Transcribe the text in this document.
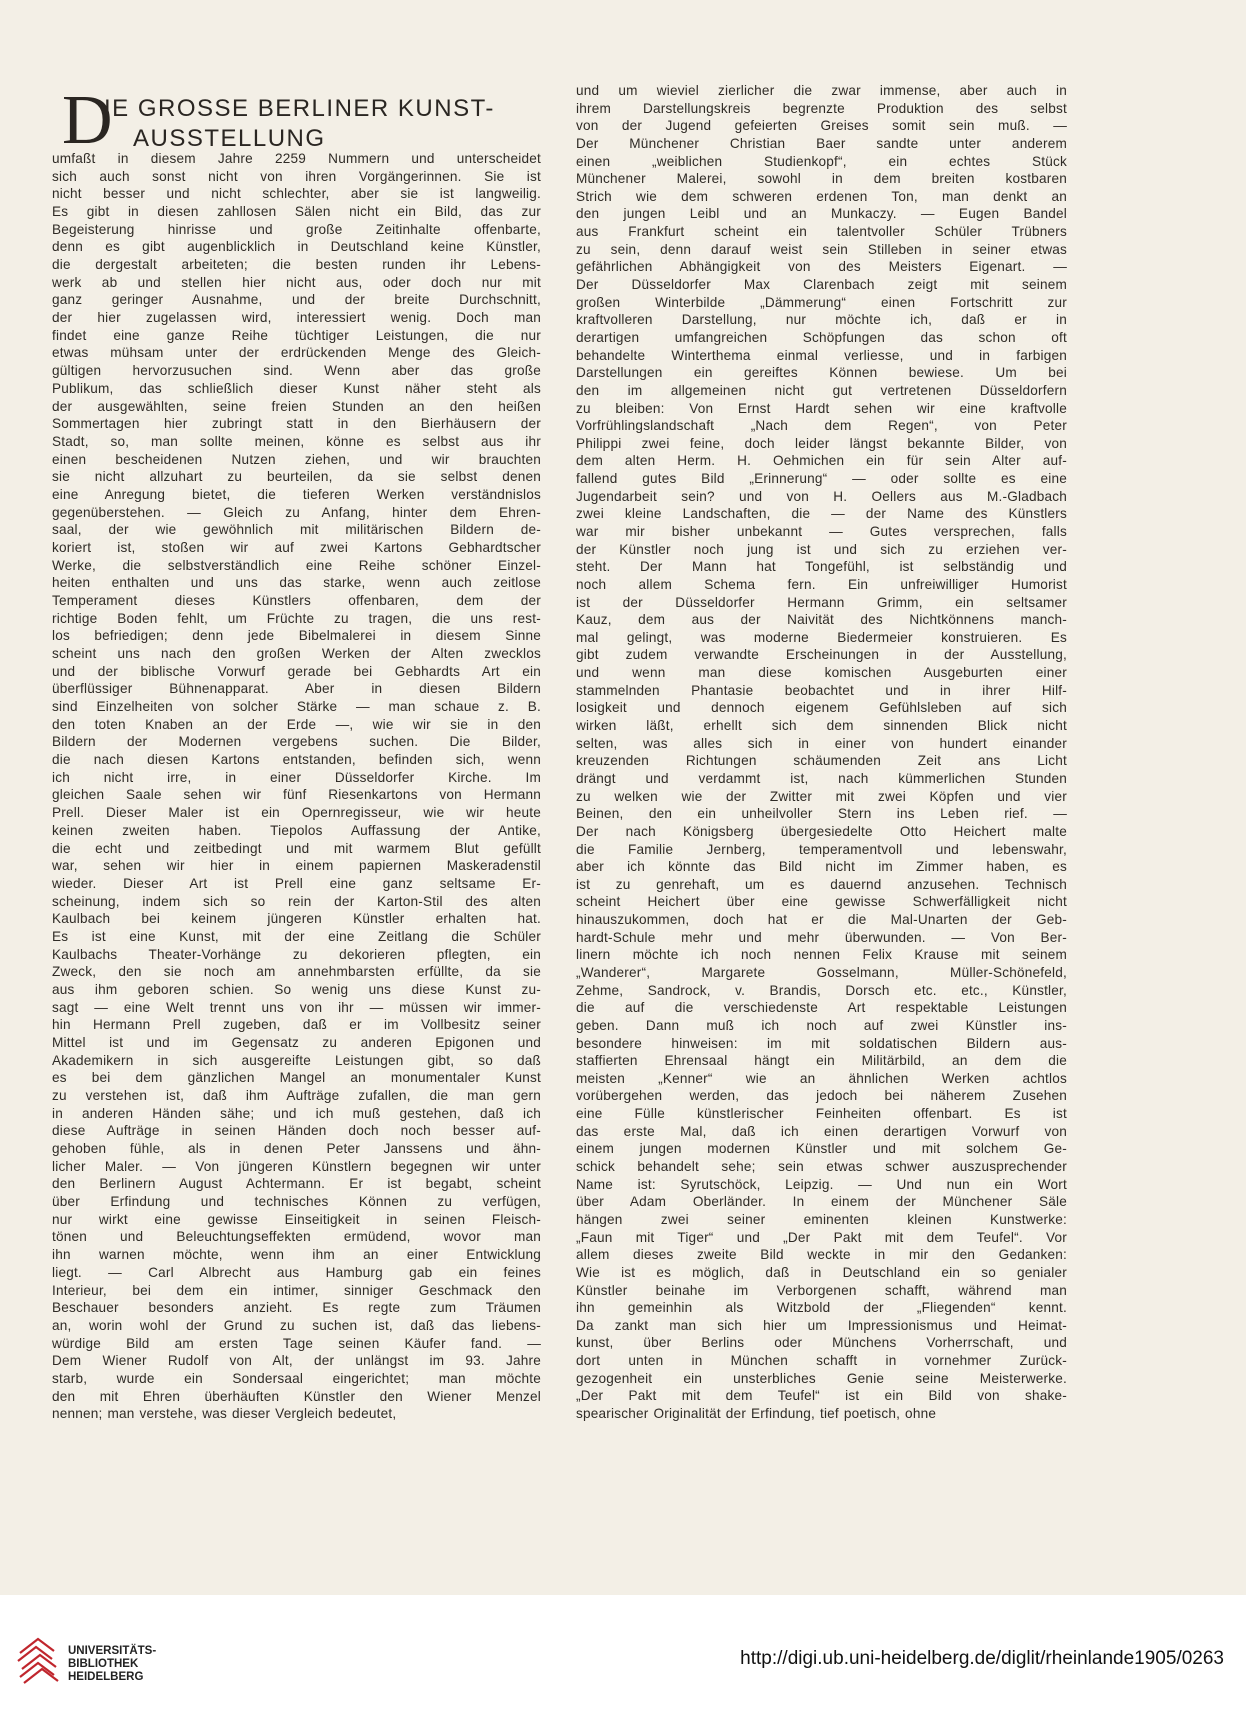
D
IE GROSSE BERLINER KUNST-
AUSSTELLUNG
umfaßt in diesem Jahre 2259 Nummern und unterscheidet
sich auch sonst nicht von ihren Vorgängerinnen. Sie ist
nicht besser und nicht schlechter, aber sie ist langweilig.
Es gibt in diesen zahllosen Sälen nicht ein Bild, das zur
Begeisterung hinrisse und große Zeitinhalte offenbarte,
denn es gibt augenblicklich in Deutschland keine Künstler,
die dergestalt arbeiteten; die besten runden ihr Lebens-
werk ab und stellen hier nicht aus, oder doch nur mit
ganz geringer Ausnahme, und der breite Durchschnitt,
der hier zugelassen wird, interessiert wenig. Doch man
findet eine ganze Reihe tüchtiger Leistungen, die nur
etwas mühsam unter der erdrückenden Menge des Gleich-
gültigen hervorzusuchen sind. Wenn aber das große
Publikum, das schließlich dieser Kunst näher steht als
der ausgewählten, seine freien Stunden an den heißen
Sommertagen hier zubringt statt in den Bierhäusern der
Stadt, so, man sollte meinen, könne es selbst aus ihr
einen bescheidenen Nutzen ziehen, und wir brauchten
sie nicht allzuhart zu beurteilen, da sie selbst denen
eine Anregung bietet, die tieferen Werken verständnislos
gegenüberstehen. — Gleich zu Anfang, hinter dem Ehren-
saal, der wie gewöhnlich mit militärischen Bildern de-
koriert ist, stoßen wir auf zwei Kartons Gebhardtscher
Werke, die selbstverständlich eine Reihe schöner Einzel-
heiten enthalten und uns das starke, wenn auch zeitlose
Temperament dieses Künstlers offenbaren, dem der
richtige Boden fehlt, um Früchte zu tragen, die uns rest-
los befriedigen; denn jede Bibelmalerei in diesem Sinne
scheint uns nach den großen Werken der Alten zwecklos
und der biblische Vorwurf gerade bei Gebhardts Art ein
überflüssiger Bühnenapparat. Aber in diesen Bildern
sind Einzelheiten von solcher Stärke — man schaue z. B.
den toten Knaben an der Erde —, wie wir sie in den
Bildern der Modernen vergebens suchen. Die Bilder,
die nach diesen Kartons entstanden, befinden sich, wenn
ich nicht irre, in einer Düsseldorfer Kirche. Im
gleichen Saale sehen wir fünf Riesenkartons von Hermann
Prell. Dieser Maler ist ein Opernregisseur, wie wir heute
keinen zweiten haben. Tiepolos Auffassung der Antike,
die echt und zeitbedingt und mit warmem Blut gefüllt
war, sehen wir hier in einem papiernen Maskeradenstil
wieder. Dieser Art ist Prell eine ganz seltsame Er-
scheinung, indem sich so rein der Karton-Stil des alten
Kaulbach bei keinem jüngeren Künstler erhalten hat.
Es ist eine Kunst, mit der eine Zeitlang die Schüler
Kaulbachs Theater-Vorhänge zu dekorieren pflegten, ein
Zweck, den sie noch am annehmbarsten erfüllte, da sie
aus ihm geboren schien. So wenig uns diese Kunst zu-
sagt — eine Welt trennt uns von ihr — müssen wir immer-
hin Hermann Prell zugeben, daß er im Vollbesitz seiner
Mittel ist und im Gegensatz zu anderen Epigonen und
Akademikern in sich ausgereifte Leistungen gibt, so daß
es bei dem gänzlichen Mangel an monumentaler Kunst
zu verstehen ist, daß ihm Aufträge zufallen, die man gern
in anderen Händen sähe; und ich muß gestehen, daß ich
diese Aufträge in seinen Händen doch noch besser auf-
gehoben fühle, als in denen Peter Janssens und ähn-
licher Maler. — Von jüngeren Künstlern begegnen wir unter
den Berlinern August Achtermann. Er ist begabt, scheint
über Erfindung und technisches Können zu verfügen,
nur wirkt eine gewisse Einseitigkeit in seinen Fleisch-
tönen und Beleuchtungseffekten ermüdend, wovor man
ihn warnen möchte, wenn ihm an einer Entwicklung
liegt. — Carl Albrecht aus Hamburg gab ein feines
Interieur, bei dem ein intimer, sinniger Geschmack den
Beschauer besonders anzieht. Es regte zum Träumen
an, worin wohl der Grund zu suchen ist, daß das liebens-
würdige Bild am ersten Tage seinen Käufer fand. —
Dem Wiener Rudolf von Alt, der unlängst im 93. Jahre
starb, wurde ein Sondersaal eingerichtet; man möchte
den mit Ehren überhäuften Künstler den Wiener Menzel
nennen; man verstehe, was dieser Vergleich bedeutet,
und um wieviel zierlicher die zwar immense, aber auch in
ihrem Darstellungskreis begrenzte Produktion des selbst
von der Jugend gefeierten Greises somit sein muß. —
Der Münchener Christian Baer sandte unter anderem
einen „weiblichen Studienkopf“, ein echtes Stück
Münchener Malerei, sowohl in dem breiten kostbaren
Strich wie dem schweren erdenen Ton, man denkt an
den jungen Leibl und an Munkaczy. — Eugen Bandel
aus Frankfurt scheint ein talentvoller Schüler Trübners
zu sein, denn darauf weist sein Stilleben in seiner etwas
gefährlichen Abhängigkeit von des Meisters Eigenart. —
Der Düsseldorfer Max Clarenbach zeigt mit seinem
großen Winterbilde „Dämmerung“ einen Fortschritt zur
kraftvolleren Darstellung, nur möchte ich, daß er in
derartigen umfangreichen Schöpfungen das schon oft
behandelte Winterthema einmal verliesse, und in farbigen
Darstellungen ein gereiftes Können bewiese. Um bei
den im allgemeinen nicht gut vertretenen Düsseldorfern
zu bleiben: Von Ernst Hardt sehen wir eine kraftvolle
Vorfrühlingslandschaft „Nach dem Regen“, von Peter
Philippi zwei feine, doch leider längst bekannte Bilder, von
dem alten Herm. H. Oehmichen ein für sein Alter auf-
fallend gutes Bild „Erinnerung“ — oder sollte es eine
Jugendarbeit sein? und von H. Oellers aus M.-Gladbach
zwei kleine Landschaften, die — der Name des Künstlers
war mir bisher unbekannt — Gutes versprechen, falls
der Künstler noch jung ist und sich zu erziehen ver-
steht. Der Mann hat Tongefühl, ist selbständig und
noch allem Schema fern. Ein unfreiwilliger Humorist
ist der Düsseldorfer Hermann Grimm, ein seltsamer
Kauz, dem aus der Naivität des Nichtkönnens manch-
mal gelingt, was moderne Biedermeier konstruieren. Es
gibt zudem verwandte Erscheinungen in der Ausstellung,
und wenn man diese komischen Ausgeburten einer
stammelnden Phantasie beobachtet und in ihrer Hilf-
losigkeit und dennoch eigenem Gefühlsleben auf sich
wirken läßt, erhellt sich dem sinnenden Blick nicht
selten, was alles sich in einer von hundert einander
kreuzenden Richtungen schäumenden Zeit ans Licht
drängt und verdammt ist, nach kümmerlichen Stunden
zu welken wie der Zwitter mit zwei Köpfen und vier
Beinen, den ein unheilvoller Stern ins Leben rief. —
Der nach Königsberg übergesiedelte Otto Heichert malte
die Familie Jernberg, temperamentvoll und lebenswahr,
aber ich könnte das Bild nicht im Zimmer haben, es
ist zu genrehaft, um es dauernd anzusehen. Technisch
scheint Heichert über eine gewisse Schwerfälligkeit nicht
hinauszukommen, doch hat er die Mal-Unarten der Geb-
hardt-Schule mehr und mehr überwunden. — Von Ber-
linern möchte ich noch nennen Felix Krause mit seinem
„Wanderer“, Margarete Gosselmann, Müller-Schönefeld,
Zehme, Sandrock, v. Brandis, Dorsch etc. etc., Künstler,
die auf die verschiedenste Art respektable Leistungen
geben. Dann muß ich noch auf zwei Künstler ins-
besondere hinweisen: im mit soldatischen Bildern aus-
staffierten Ehrensaal hängt ein Militärbild, an dem die
meisten „Kenner“ wie an ähnlichen Werken achtlos
vorübergehen werden, das jedoch bei näherem Zusehen
eine Fülle künstlerischer Feinheiten offenbart. Es ist
das erste Mal, daß ich einen derartigen Vorwurf von
einem jungen modernen Künstler und mit solchem Ge-
schick behandelt sehe; sein etwas schwer auszusprechender
Name ist: Syrutschöck, Leipzig. — Und nun ein Wort
über Adam Oberländer. In einem der Münchener Säle
hängen zwei seiner eminenten kleinen Kunstwerke:
„Faun mit Tiger“ und „Der Pakt mit dem Teufel“. Vor
allem dieses zweite Bild weckte in mir den Gedanken:
Wie ist es möglich, daß in Deutschland ein so genialer
Künstler beinahe im Verborgenen schafft, während man
ihn gemeinhin als Witzbold der „Fliegenden“ kennt.
Da zankt man sich hier um Impressionismus und Heimat-
kunst, über Berlins oder Münchens Vorherrschaft, und
dort unten in München schafft in vornehmer Zurück-
gezogenheit ein unsterbliches Genie seine Meisterwerke.
„Der Pakt mit dem Teufel“ ist ein Bild von shake-
spearischer Originalität der Erfindung, tief poetisch, ohne
UNIVERSITÄTS-
BIBLIOTHEK
HEIDELBERG
http://digi.ub.uni-heidelberg.de/diglit/rheinlande1905/0263
